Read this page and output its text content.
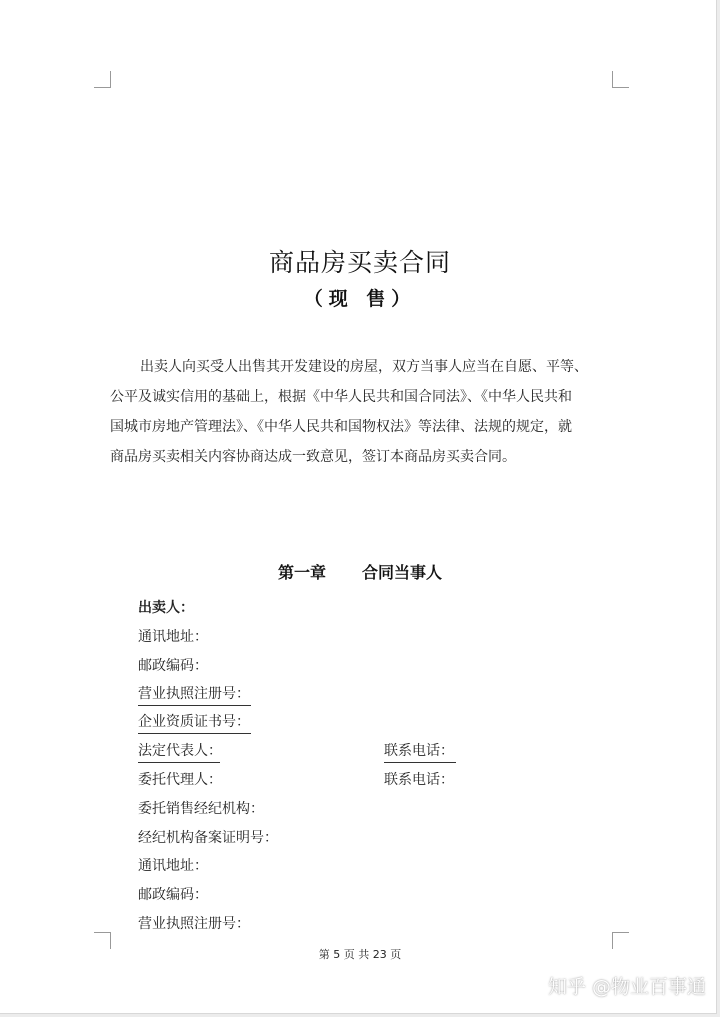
商品房买卖合同
（现 售）
出卖人向买受人出售其开发建设的房屋，双方当事人应当在自愿、平等、
公平及诚实信用的基础上，根据《中华人民共和国合同法》、《中华人民共和
国城市房地产管理法》、《中华人民共和国物权法》等法律、法规的规定，就
商品房买卖相关内容协商达成一致意见，签订本商品房买卖合同。
第一章 合同当事人
出卖人：
通讯地址：
邮政编码：
营业执照注册号：
企业资质证书号：
法定代表人：	联系电话：
委托代理人：	联系电话：
委托销售经纪机构：
经纪机构备案证明号：
通讯地址：
邮政编码：
营业执照注册号：
第 5 页 共 23 页
知乎 @物业百事通
